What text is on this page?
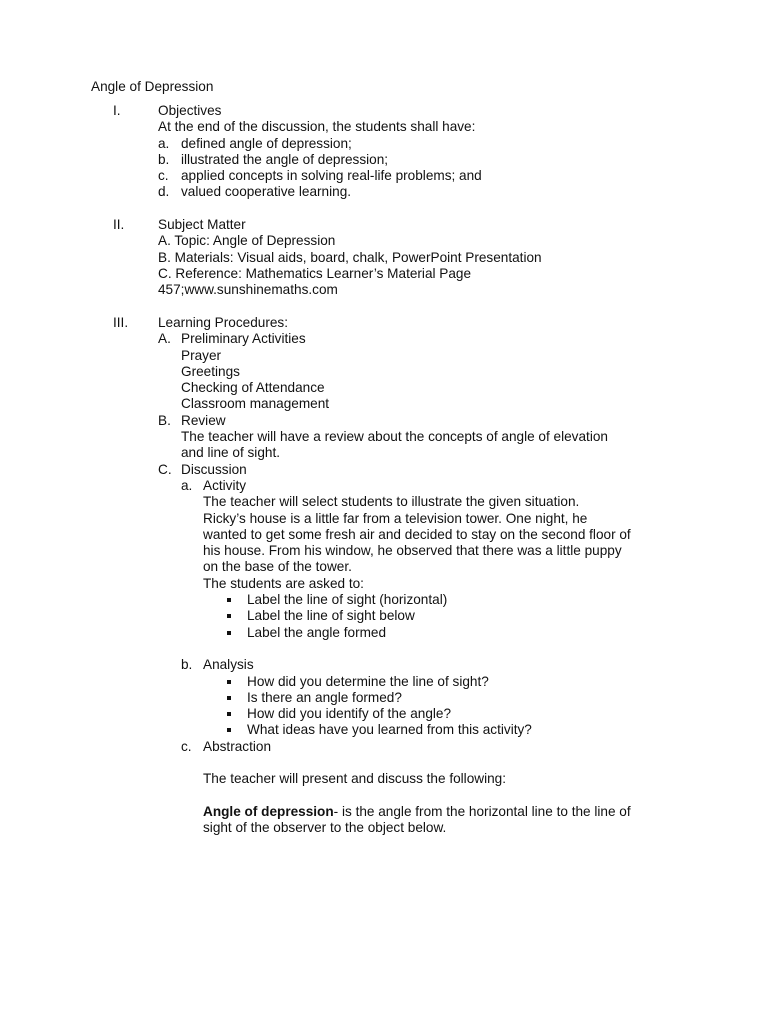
Angle of Depression
I.	Objectives
At the end of the discussion, the students shall have:
a. defined angle of depression;
b. illustrated the angle of depression;
c. applied concepts in solving real-life problems; and
d. valued cooperative learning.
II. Subject Matter
A. Topic: Angle of Depression
B. Materials: Visual aids, board, chalk, PowerPoint Presentation
C. Reference: Mathematics Learner’s Material Page
457;www.sunshinemaths.com
III. Learning Procedures:
A. Preliminary Activities
Prayer
Greetings
Checking of Attendance
Classroom management
B. Review
The teacher will have a review about the concepts of angle of elevation
and line of sight.
C. Discussion
a. Activity
The teacher will select students to illustrate the given situation.
Ricky’s house is a little far from a television tower. One night, he
wanted to get some fresh air and decided to stay on the second floor of
his house. From his window, he observed that there was a little puppy
on the base of the tower.
The students are asked to:
Label the line of sight (horizontal)
Label the line of sight below
Label the angle formed
b. Analysis
How did you determine the line of sight?
Is there an angle formed?
How did you identify of the angle?
What ideas have you learned from this activity?
c. Abstraction
The teacher will present and discuss the following:
Angle of depression- is the angle from the horizontal line to the line of
sight of the observer to the object below.
